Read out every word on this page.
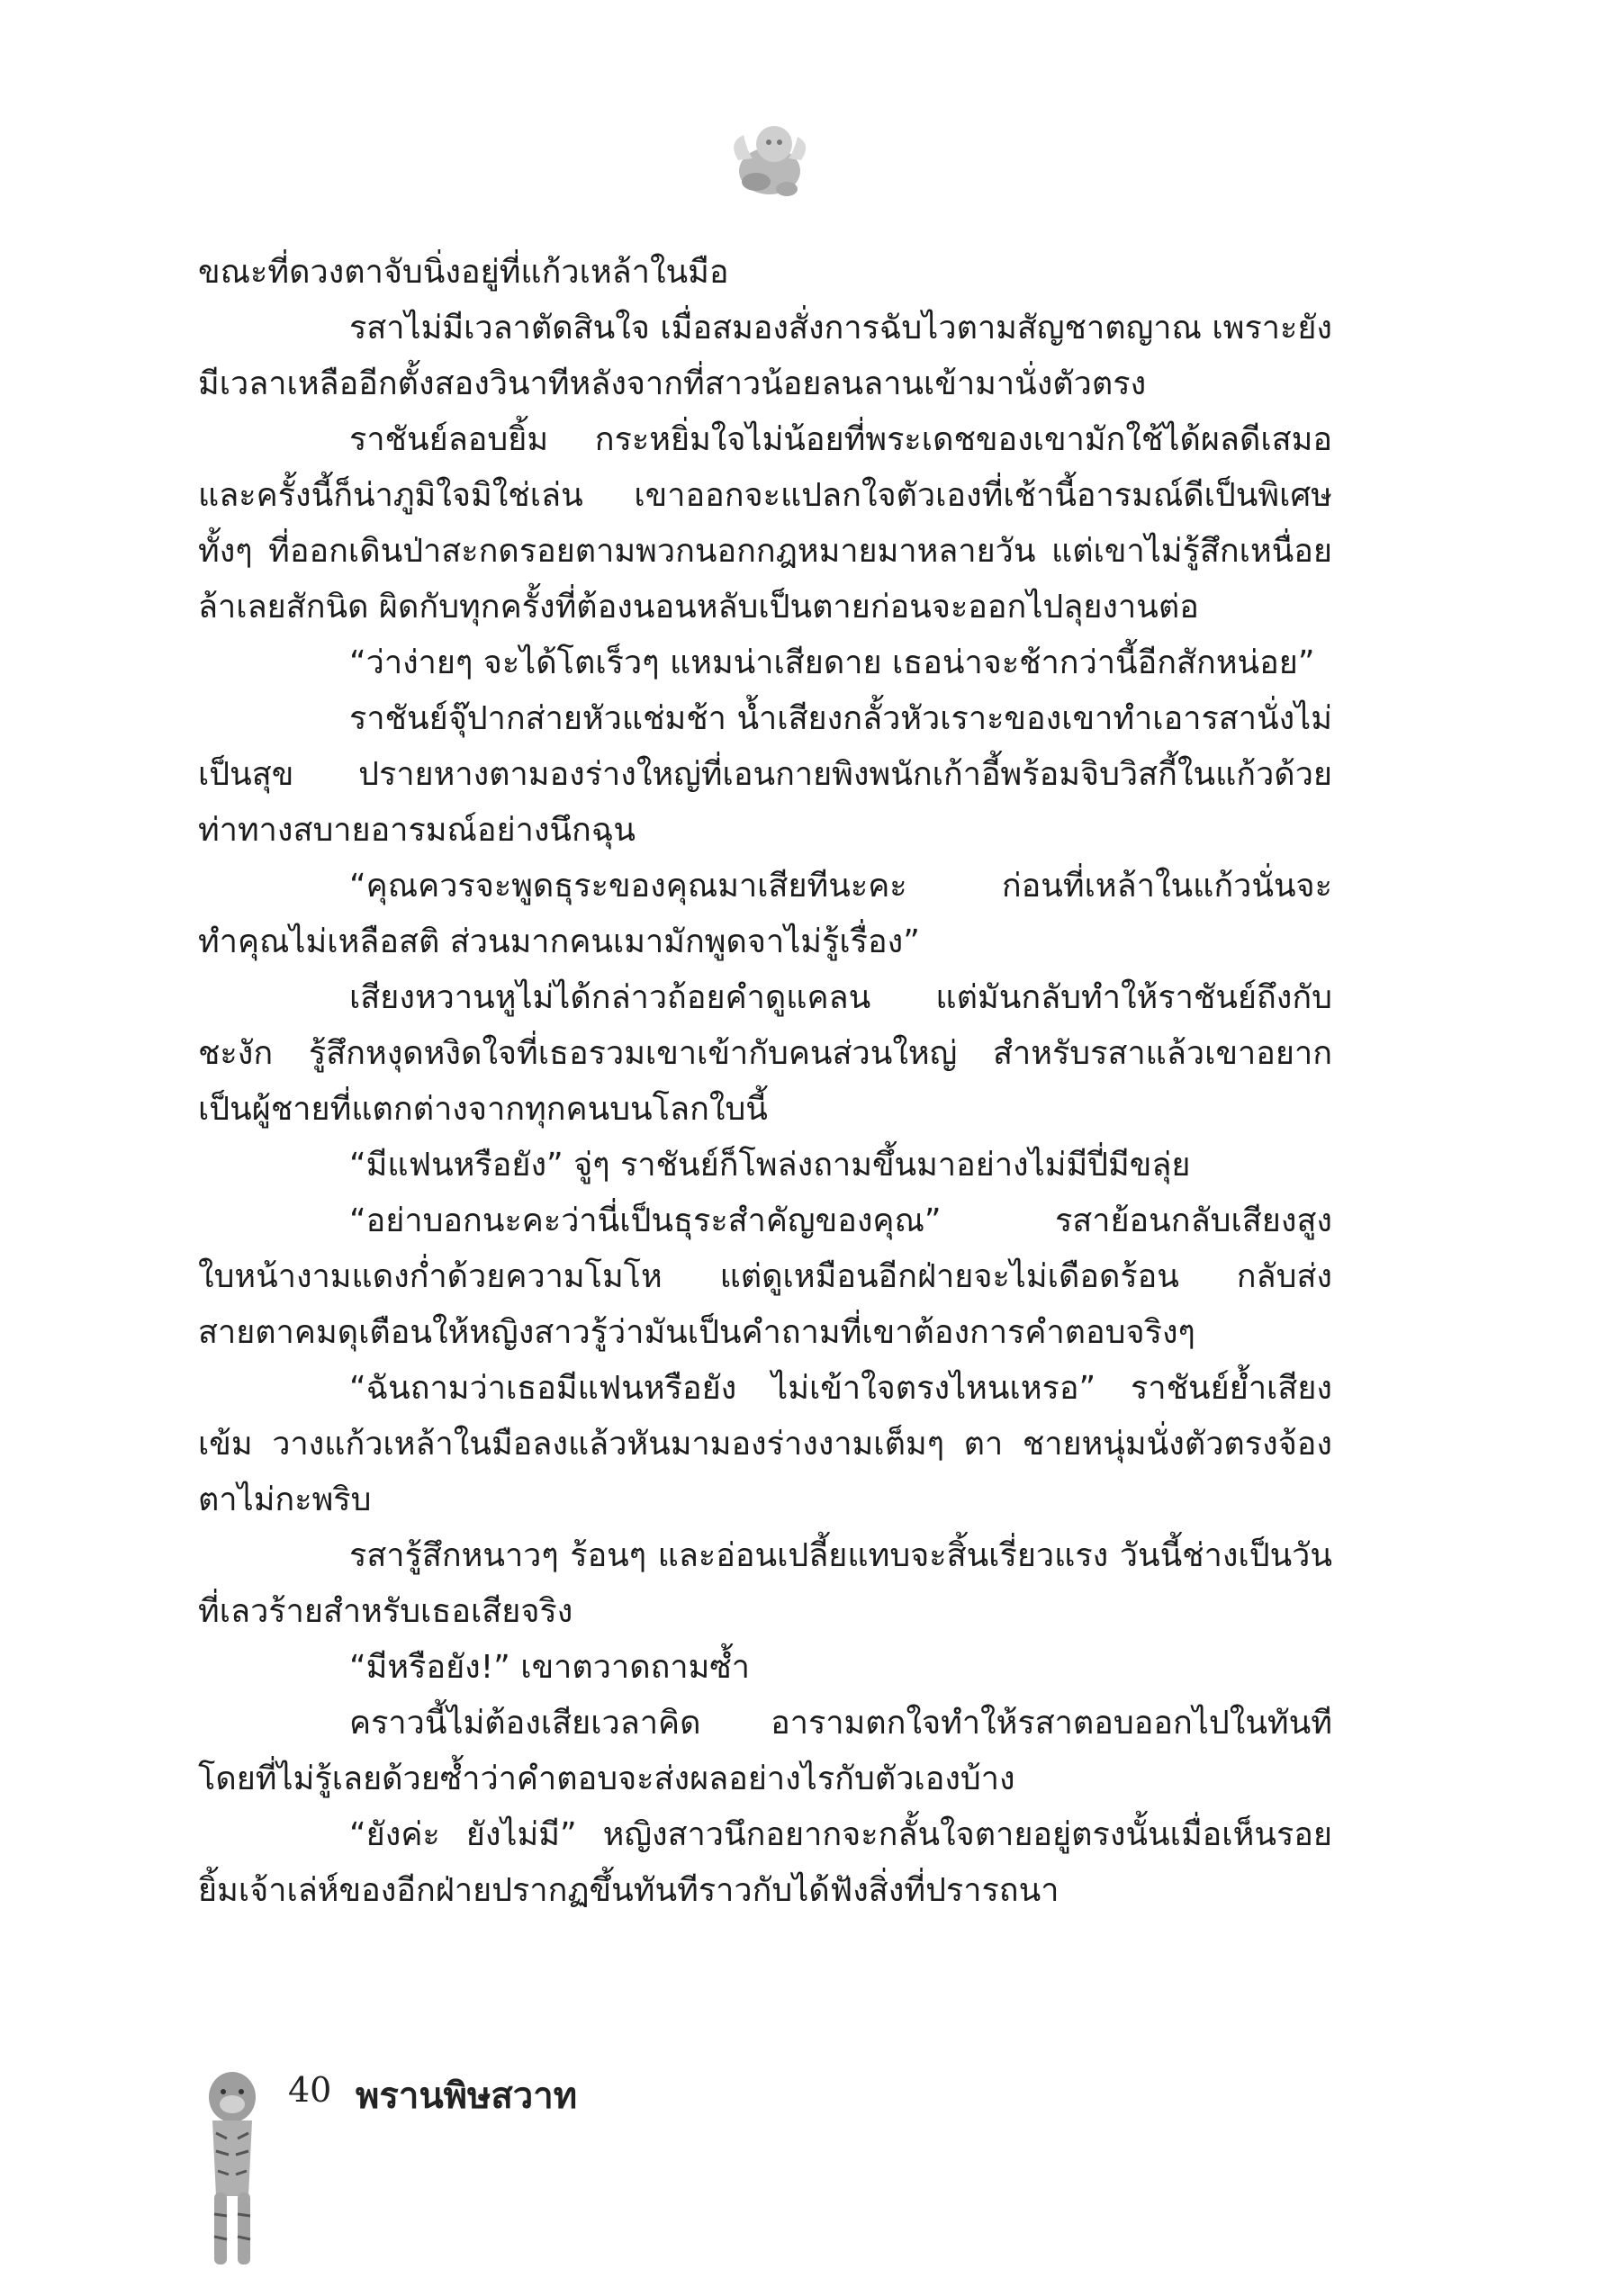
ขณะที่ดวงตาจับนิ่งอยู่ที่แก้วเหล้าในมือ

รสาไม่มีเวลาตัดสินใจ เมื่อสมองสั่งการฉับไวตามสัญชาตญาณ เพราะยังมีเวลาเหลืออีกตั้งสองวินาทีหลังจากที่สาวน้อยลนลานเข้ามานั่งตัวตรง

ราชันย์ลอบยิ้ม กระหยิ่มใจไม่น้อยที่พระเดชของเขามักใช้ได้ผลดีเสมอ และครั้งนี้ก็น่าภูมิใจมิใช่เล่น เขาออกจะแปลกใจตัวเองที่เช้านี้อารมณ์ดีเป็นพิเศษ ทั้งๆ ที่ออกเดินป่าสะกดรอยตามพวกนอกกฎหมายมาหลายวัน แต่เขาไม่รู้สึกเหนื่อยล้าเลยสักนิด ผิดกับทุกครั้งที่ต้องนอนหลับเป็นตายก่อนจะออกไปลุยงานต่อ

“ว่าง่ายๆ จะได้โตเร็วๆ แหมน่าเสียดาย เธอน่าจะช้ากว่านี้อีกสักหน่อย”

ราชันย์จุ๊ปากส่ายหัวแช่มช้า น้ำเสียงกลั้วหัวเราะของเขาทำเอารสานั่งไม่เป็นสุข ปรายหางตามองร่างใหญ่ที่เอนกายพิงพนักเก้าอี้พร้อมจิบวิสกี้ในแก้วด้วยท่าทางสบายอารมณ์อย่างนึกฉุน

“คุณควรจะพูดธุระของคุณมาเสียทีนะคะ ก่อนที่เหล้าในแก้วนั่นจะทำคุณไม่เหลือสติ ส่วนมากคนเมามักพูดจาไม่รู้เรื่อง”

เสียงหวานหูไม่ได้กล่าวถ้อยคำดูแคลน แต่มันกลับทำให้ราชันย์ถึงกับชะงัก รู้สึกหงุดหงิดใจที่เธอรวมเขาเข้ากับคนส่วนใหญ่ สำหรับรสาแล้วเขาอยากเป็นผู้ชายที่แตกต่างจากทุกคนบนโลกใบนี้

“มีแฟนหรือยัง” จู่ๆ ราชันย์ก็โพล่งถามขึ้นมาอย่างไม่มีปี่มีขลุ่ย

“อย่าบอกนะคะว่านี่เป็นธุระสำคัญของคุณ” รสาย้อนกลับเสียงสูง ใบหน้างามแดงก่ำด้วยความโมโห แต่ดูเหมือนอีกฝ่ายจะไม่เดือดร้อน กลับส่งสายตาคมดุเตือนให้หญิงสาวรู้ว่ามันเป็นคำถามที่เขาต้องการคำตอบจริงๆ

“ฉันถามว่าเธอมีแฟนหรือยัง ไม่เข้าใจตรงไหนเหรอ” ราชันย์ย้ำเสียงเข้ม วางแก้วเหล้าในมือลงแล้วหันมามองร่างงามเต็มๆ ตา ชายหนุ่มนั่งตัวตรงจ้องตาไม่กะพริบ

รสารู้สึกหนาวๆ ร้อนๆ และอ่อนเปลี้ยแทบจะสิ้นเรี่ยวแรง วันนี้ช่างเป็นวันที่เลวร้ายสำหรับเธอเสียจริง

“มีหรือยัง!” เขาตวาดถามซ้ำ

คราวนี้ไม่ต้องเสียเวลาคิด อารามตกใจทำให้รสาตอบออกไปในทันทีโดยที่ไม่รู้เลยด้วยซ้ำว่าคำตอบจะส่งผลอย่างไรกับตัวเองบ้าง

“ยังค่ะ ยังไม่มี” หญิงสาวนึกอยากจะกลั้นใจตายอยู่ตรงนั้นเมื่อเห็นรอยยิ้มเจ้าเล่ห์ของอีกฝ่ายปรากฏขึ้นทันทีราวกับได้ฟังสิ่งที่ปรารถนา

40 พรานพิษสวาท
